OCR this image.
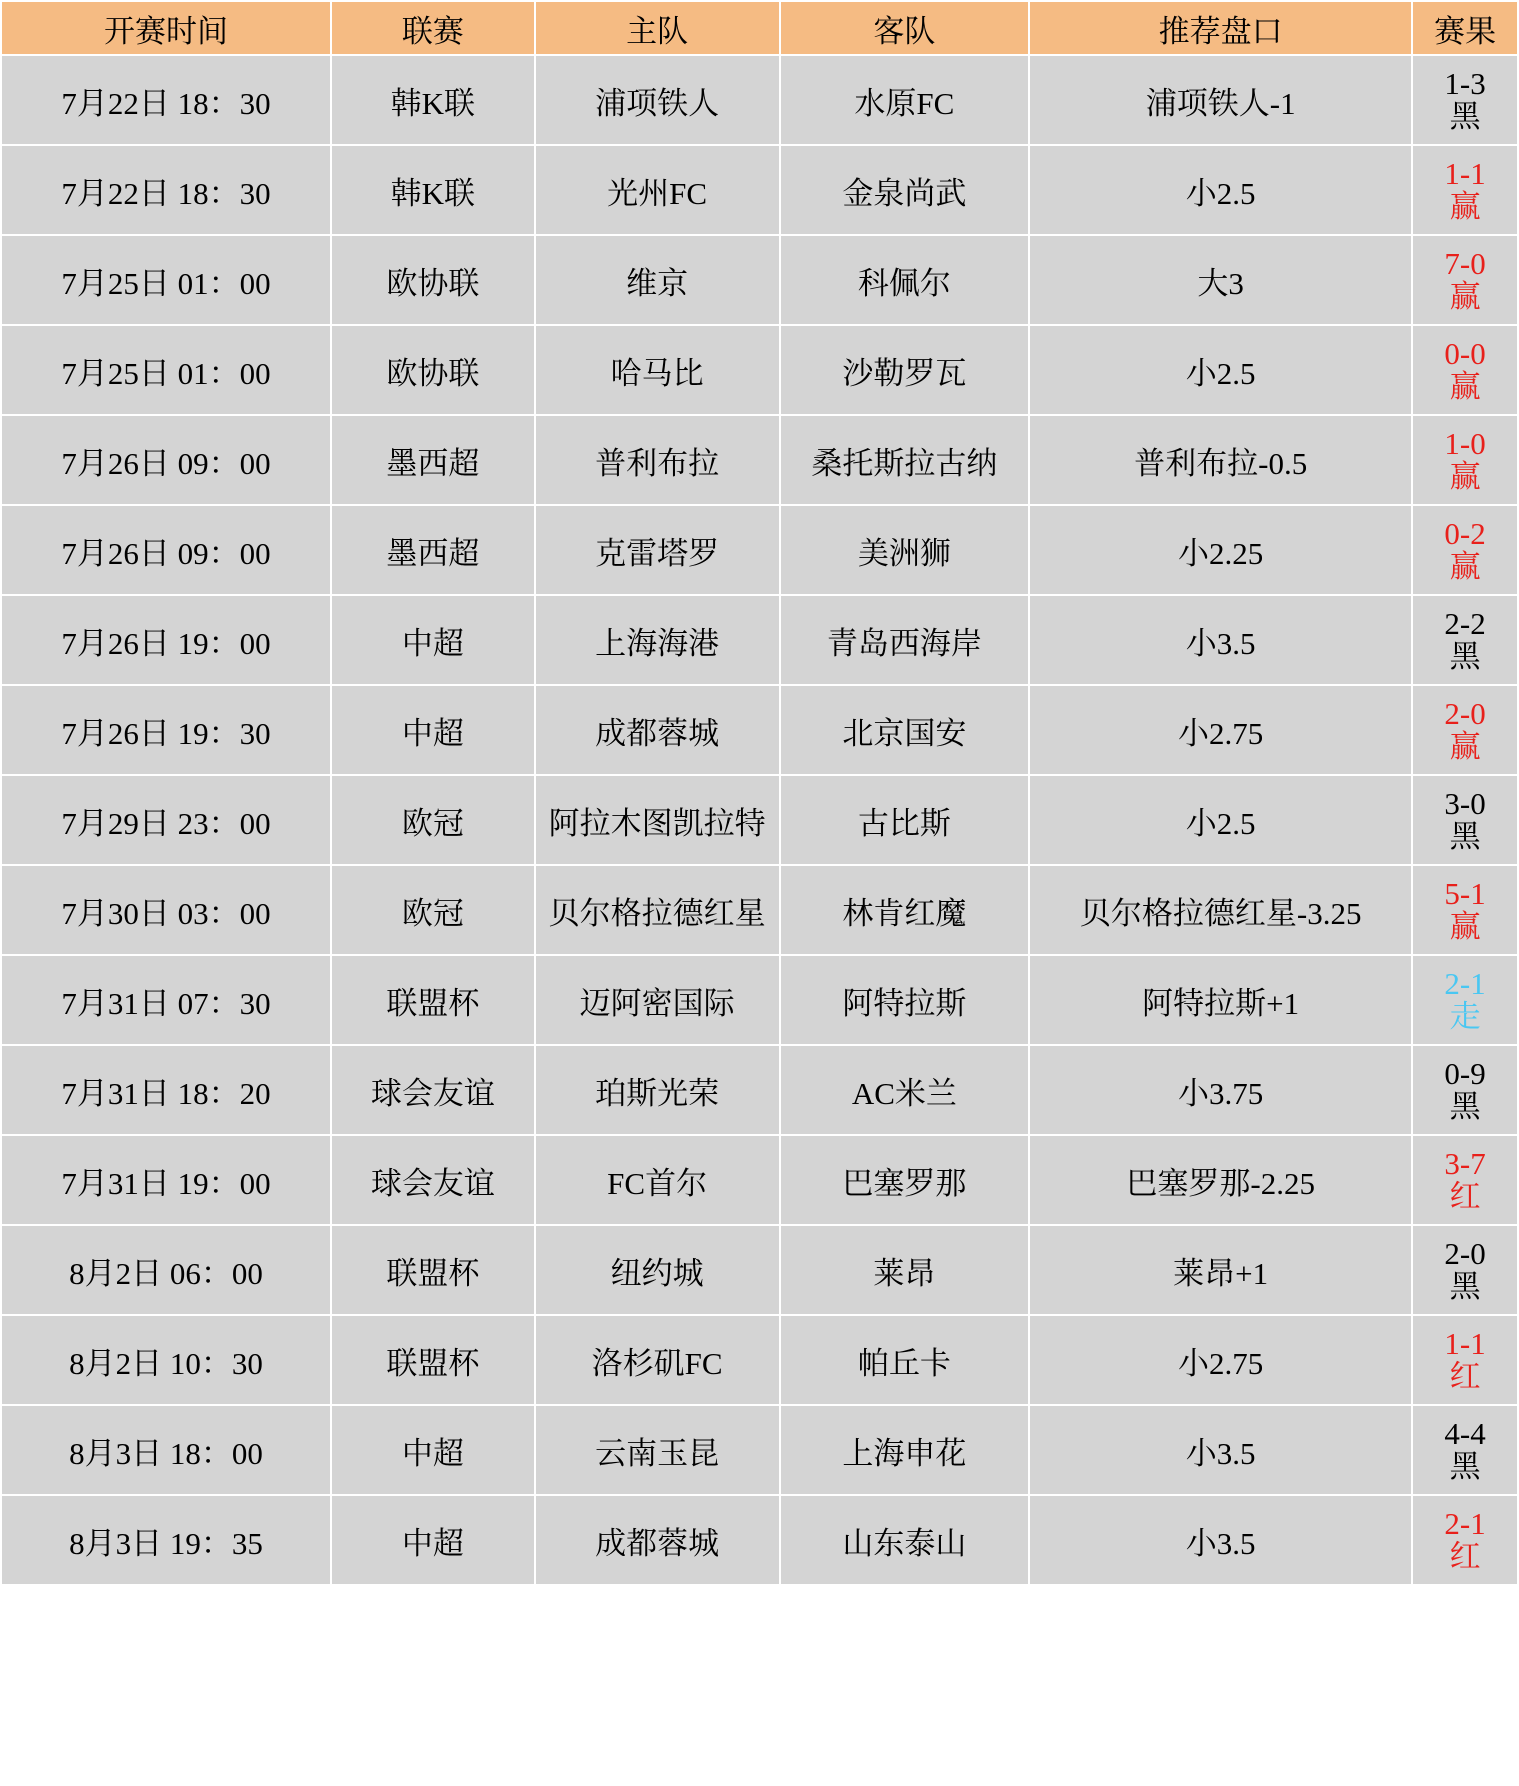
开赛时间	联赛	主队	客队	推荐盘口	赛果
7月22日 18：30	韩K联	浦项铁人	水原FC	浦项铁人-1	1-3
黑

7月22日 18：30	韩K联	光州FC	金泉尚武	小2.5	1-1
赢

7月25日 01：00	欧协联	维京	科佩尔	大3	7-0
赢

7月25日 01：00	欧协联	哈马比	沙勒罗瓦	小2.5	0-0
赢

7月26日 09：00	墨西超	普利布拉	桑托斯拉古纳	普利布拉-0.5	1-0
赢

7月26日 09：00	墨西超	克雷塔罗	美洲狮	小2.25	0-2
赢

7月26日 19：00	中超	上海海港	青岛西海岸	小3.5	2-2
黑

7月26日 19：30	中超	成都蓉城	北京国安	小2.75	2-0
赢

7月29日 23：00	欧冠	阿拉木图凯拉特	古比斯	小2.5	3-0
黑

7月30日 03：00	欧冠	贝尔格拉德红星	林肯红魔	贝尔格拉德红星-3.25	5-1
赢

7月31日 07：30	联盟杯	迈阿密国际	阿特拉斯	阿特拉斯+1	2-1
走

7月31日 18：20	球会友谊	珀斯光荣	AC米兰	小3.75	0-9
黑

7月31日 19：00	球会友谊	FC首尔	巴塞罗那	巴塞罗那-2.25	3-7
红

8月2日 06：00	联盟杯	纽约城	莱昂	莱昂+1	2-0
黑

8月2日 10：30	联盟杯	洛杉矶FC	帕丘卡	小2.75	1-1
红

8月3日 18：00	中超	云南玉昆	上海申花	小3.5	4-4
黑

8月3日 19：35	中超	成都蓉城	山东泰山	小3.5	2-1
红
